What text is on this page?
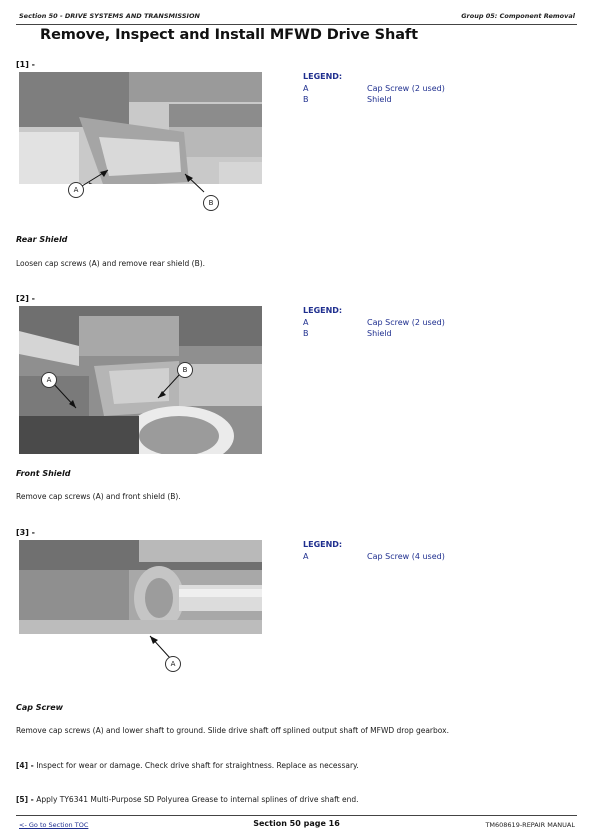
Section 50 - DRIVE SYSTEMS AND TRANSMISSION	Group 05: Component Removal
Remove, Inspect and Install MFWD Drive Shaft
[1] -
A
B
LEGEND:
A	Cap Screw (2 used)
B	Shield
Rear Shield
Loosen cap screws (A) and remove rear shield (B).
[2] -
A
B
LEGEND:
A	Cap Screw (2 used)
B	Shield
Front Shield
Remove cap screws (A) and front shield (B).
[3] -
A
LEGEND:
A	Cap Screw (4 used)
Cap Screw
Remove cap screws (A) and lower shaft to ground. Slide drive shaft off splined output shaft of MFWD drop gearbox.
[4] - Inspect for wear or damage. Check drive shaft for straightness. Replace as necessary.
[5] - Apply TY6341 Multi-Purpose SD Polyurea Grease to internal splines of drive shaft end.
<- Go to Section TOC	Section 50 page 16	TM608619-REPAIR MANUAL
